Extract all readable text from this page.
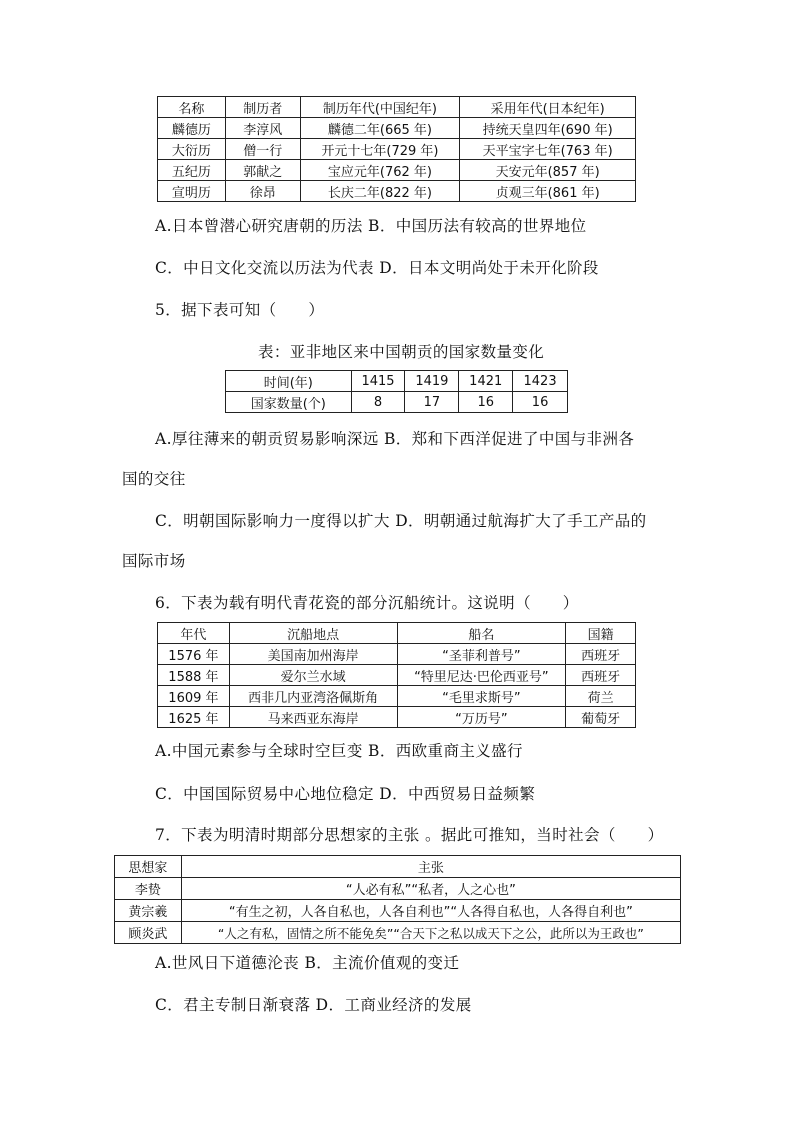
名称	制历者	制历年代(中国纪年)	采用年代(日本纪年)
麟德历	李淳风	麟德二年(665 年)	持统天皇四年(690 年)
大衍历	僧一行	开元十七年(729 年)	天平宝字七年(763 年)
五纪历	郭献之	宝应元年(762 年)	天安元年(857 年)
宣明历	徐昂	长庆二年(822 年)	贞观三年(861 年)
A.日本曾潜心研究唐朝的历法 B．中国历法有较高的世界地位
C．中日文化交流以历法为代表 D．日本文明尚处于未开化阶段
5．据下表可知（　　）
表：亚非地区来中国朝贡的国家数量变化
时间(年)	1415	1419	1421	1423
国家数量(个)	8	17	16	16
A.厚往薄来的朝贡贸易影响深远 B．郑和下西洋促进了中国与非洲各
国的交往
C．明朝国际影响力一度得以扩大 D．明朝通过航海扩大了手工产品的
国际市场
6．下表为载有明代青花瓷的部分沉船统计。这说明（　　）
年代	沉船地点	船名	国籍
1576 年	美国南加州海岸	“圣菲利普号”	西班牙
1588 年	爱尔兰水域	“特里尼达·巴伦西亚号”	西班牙
1609 年	西非几内亚湾洛佩斯角	“毛里求斯号”	荷兰
1625 年	马来西亚东海岸	“万历号”	葡萄牙
A.中国元素参与全球时空巨变 B．西欧重商主义盛行
C．中国国际贸易中心地位稳定 D．中西贸易日益频繁
7．下表为明清时期部分思想家的主张 。据此可推知，当时社会（　　）
思想家	主张
李贽	“人必有私”“私者，人之心也”
黄宗羲	“有生之初，人各自私也，人各自利也”“人各得自私也，人各得自利也”
顾炎武	“人之有私，固情之所不能免矣”“合天下之私以成天下之公，此所以为王政也”
A.世风日下道德沦丧 B．主流价值观的变迁
C．君主专制日渐衰落 D．工商业经济的发展
